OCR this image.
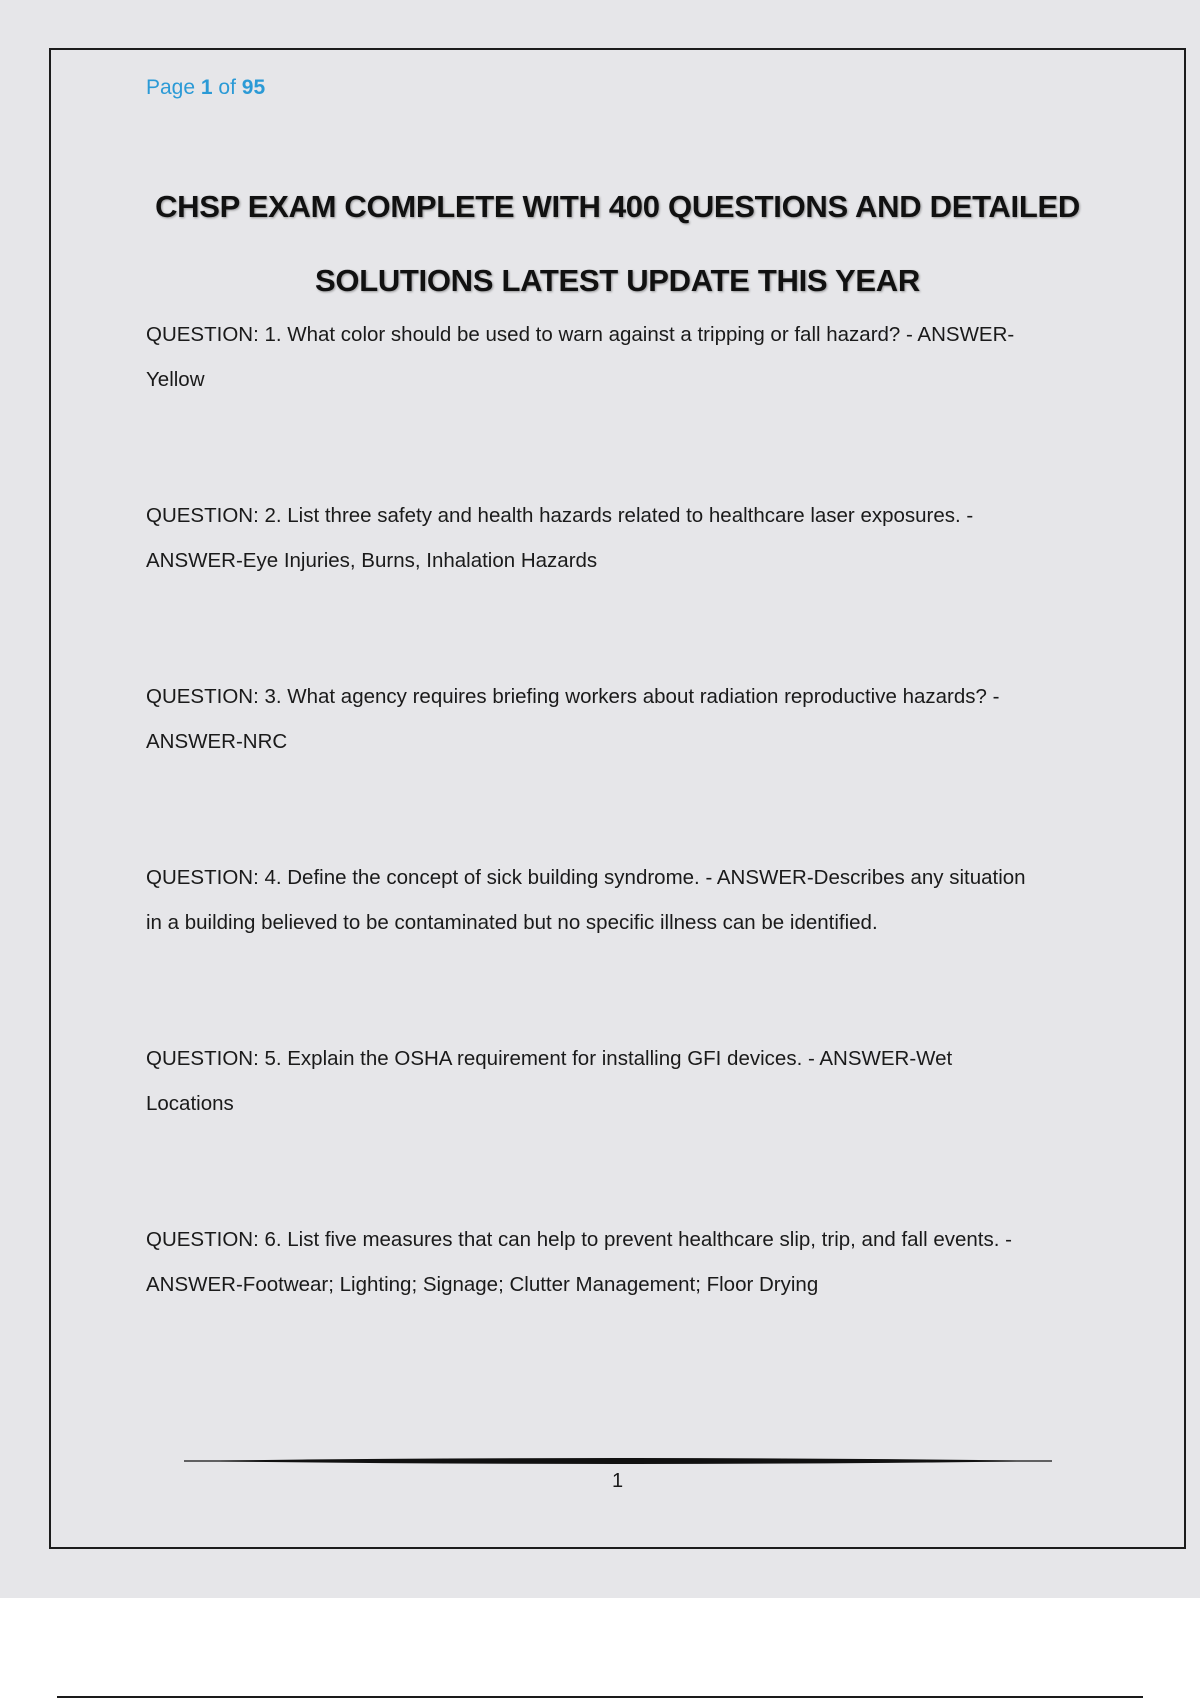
Page 1 of 95
CHSP EXAM COMPLETE WITH 400 QUESTIONS AND DETAILED
SOLUTIONS LATEST UPDATE THIS YEAR
QUESTION: 1. What color should be used to warn against a tripping or fall hazard? - ANSWER-
Yellow
QUESTION: 2. List three safety and health hazards related to healthcare laser exposures. -
ANSWER-Eye Injuries, Burns, Inhalation Hazards
QUESTION: 3. What agency requires briefing workers about radiation reproductive hazards? -
ANSWER-NRC
QUESTION: 4. Define the concept of sick building syndrome. - ANSWER-Describes any situation
in a building believed to be contaminated but no specific illness can be identified.
QUESTION: 5. Explain the OSHA requirement for installing GFI devices. - ANSWER-Wet
Locations
QUESTION: 6. List five measures that can help to prevent healthcare slip, trip, and fall events. -
ANSWER-Footwear; Lighting; Signage; Clutter Management; Floor Drying
1
